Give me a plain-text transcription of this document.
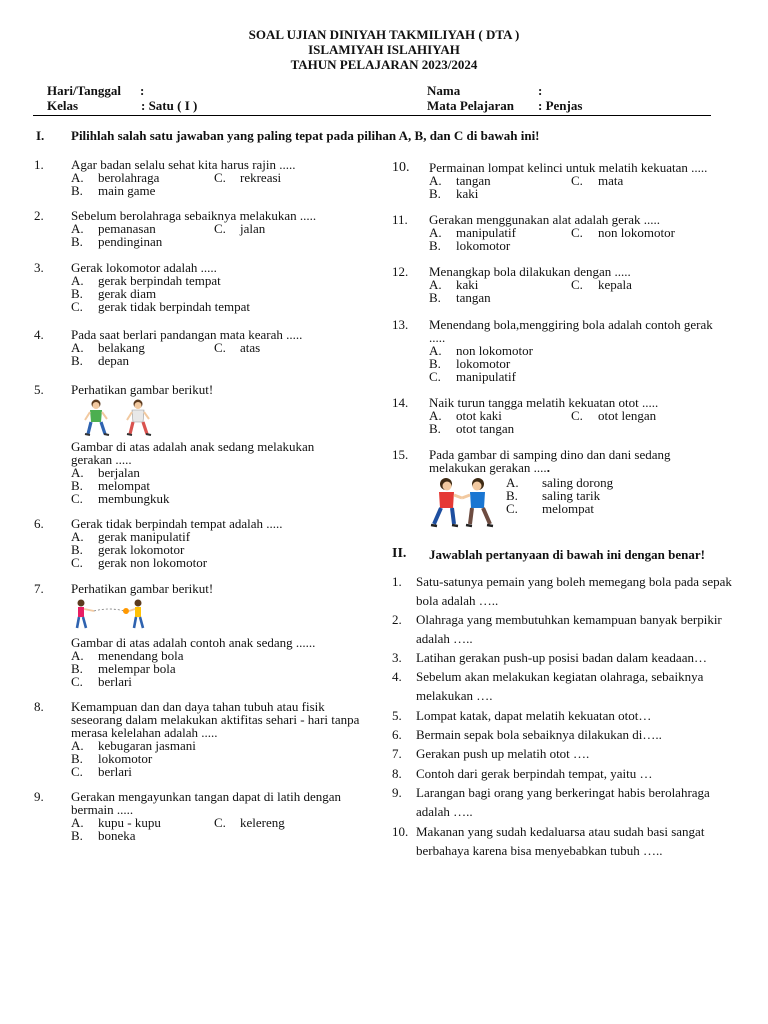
SOAL UJIAN DINIYAH TAKMILIYAH ( DTA )
ISLAMIYAH ISLAHIYAH
TAHUN PELAJARAN 2023/2024
Hari/Tanggal :
Kelas	: Satu ( I )
Nama	:
Mata Pelajaran : Penjas
I. Pilihlah salah satu jawaban yang paling tepat pada pilihan A, B, dan C di bawah ini!
1. Agar badan selalu sehat kita harus rajin .....
A. berolahraga	C. rekreasi
B. main game
2. Sebelum berolahraga sebaiknya melakukan .....
A. pemanasan	C. jalan
B. pendinginan
3. Gerak lokomotor adalah .....
A. gerak berpindah tempat
B. gerak diam
C. gerak tidak berpindah tempat
4. Pada saat berlari pandangan mata kearah .....
A. belakang	C. atas
B. depan
5. Perhatikan gambar berikut!
Gambar di atas adalah anak sedang melakukan gerakan .....
A. berjalan
B. melompat
C. membungkuk
6. Gerak tidak berpindah tempat adalah .....
A. gerak manipulatif
B. gerak lokomotor
C. gerak non lokomotor
7. Perhatikan gambar berikut!
Gambar di atas adalah contoh anak sedang ......
A. menendang bola
B. melempar bola
C. berlari
8. Kemampuan dan dan daya tahan tubuh atau fisik seseorang dalam melakukan aktifitas sehari - hari tanpa merasa kelelahan adalah .....
A. kebugaran jasmani
B. lokomotor
C. berlari
9. Gerakan mengayunkan tangan dapat di latih dengan bermain .....
A. kupu - kupu	C. kelereng
B. boneka
10. Permainan lompat kelinci untuk melatih kekuatan .....
A. tangan	C. mata
B. kaki
11. Gerakan menggunakan alat adalah gerak .....
A. manipulatif	C. non lokomotor
B. lokomotor
12. Menangkap bola dilakukan dengan .....
A. kaki	C. kepala
B. tangan
13. Menendang bola,menggiring bola adalah contoh gerak .....
A. non lokomotor
B. lokomotor
C. manipulatif
14. Naik turun tangga melatih kekuatan otot .....
A. otot kaki	C. otot lengan
B. otot tangan
15. Pada gambar di samping dino dan dani sedang melakukan gerakan .....
A. saling dorong
B. saling tarik
C. melompat
II. Jawablah pertanyaan di bawah ini dengan benar!
1. Satu-satunya pemain yang boleh memegang bola pada sepak bola adalah …..
2. Olahraga yang membutuhkan kemampuan banyak berpikir adalah …..
3. Latihan gerakan push-up posisi badan dalam keadaan…
4. Sebelum akan melakukan kegiatan olahraga, sebaiknya melakukan ….
5. Lompat katak, dapat melatih kekuatan otot…
6. Bermain sepak bola sebaiknya dilakukan di…..
7. Gerakan push up melatih otot ….
8. Contoh dari gerak berpindah tempat, yaitu …
9. Larangan bagi orang yang berkeringat habis berolahraga adalah …..
10. Makanan yang sudah kedaluarsa atau sudah basi sangat berbahaya karena bisa menyebabkan tubuh …..
